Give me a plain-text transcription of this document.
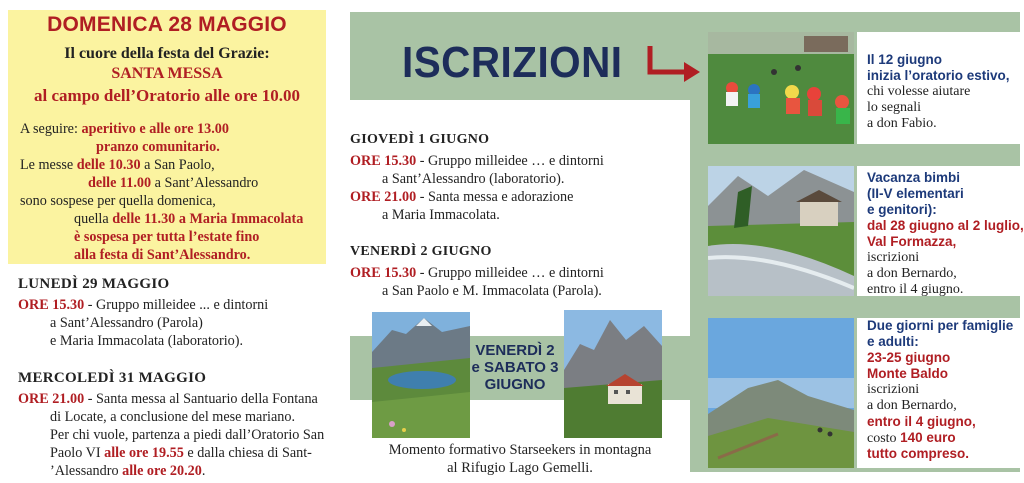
DOMENICA 28 MAGGIO
Il cuore della festa del Grazie:
SANTA MESSA
al campo dell’Oratorio alle ore 10.00
A seguire: aperitivo e alle ore 13.00
pranzo comunitario.
Le messe delle 10.30 a San Paolo,
delle 11.00 a Sant’Alessandro
sono sospese per quella domenica,
quella delle 11.30 a Maria Immacolata
è sospesa per tutta l’estate fino
alla festa di Sant’Alessandro.
LUNEDÌ 29 MAGGIO
ORE 15.30 - Gruppo milleidee ... e dintorni
a Sant’Alessandro (Parola)
e Maria Immacolata (laboratorio).
MERCOLEDÌ 31 MAGGIO
ORE 21.00 - Santa messa al Santuario della Fontana
di Locate, a conclusione del mese mariano.
Per chi vuole, partenza a piedi dall’Oratorio San
Paolo VI alle ore 19.55 e dalla chiesa di Sant-
’Alessandro alle ore 20.20.
ISCRIZIONI
GIOVEDÌ 1 GIUGNO
ORE 15.30 - Gruppo milleidee … e dintorni
a Sant’Alessandro (laboratorio).
ORE 21.00 - Santa messa e adorazione
a Maria Immacolata.
VENERDÌ 2 GIUGNO
ORE 15.30 - Gruppo milleidee … e dintorni
a San Paolo e M. Immacolata (Parola).
VENERDÌ 2
e SABATO 3
GIUGNO
Momento formativo Starseekers in montagna
al Rifugio Lago Gemelli.
Il 12 giugno
inizia l’oratorio estivo,
chi volesse aiutare
lo segnali
a don Fabio.
Vacanza bimbi
(II-V elementari
e genitori):
dal 28 giugno al 2 luglio,
Val Formazza,
iscrizioni
a don Bernardo,
entro il 4 giugno.
Due giorni per famiglie
e adulti:
23-25 giugno
Monte Baldo
iscrizioni
a don Bernardo,
entro il 4 giugno,
costo 140 euro
tutto compreso.
